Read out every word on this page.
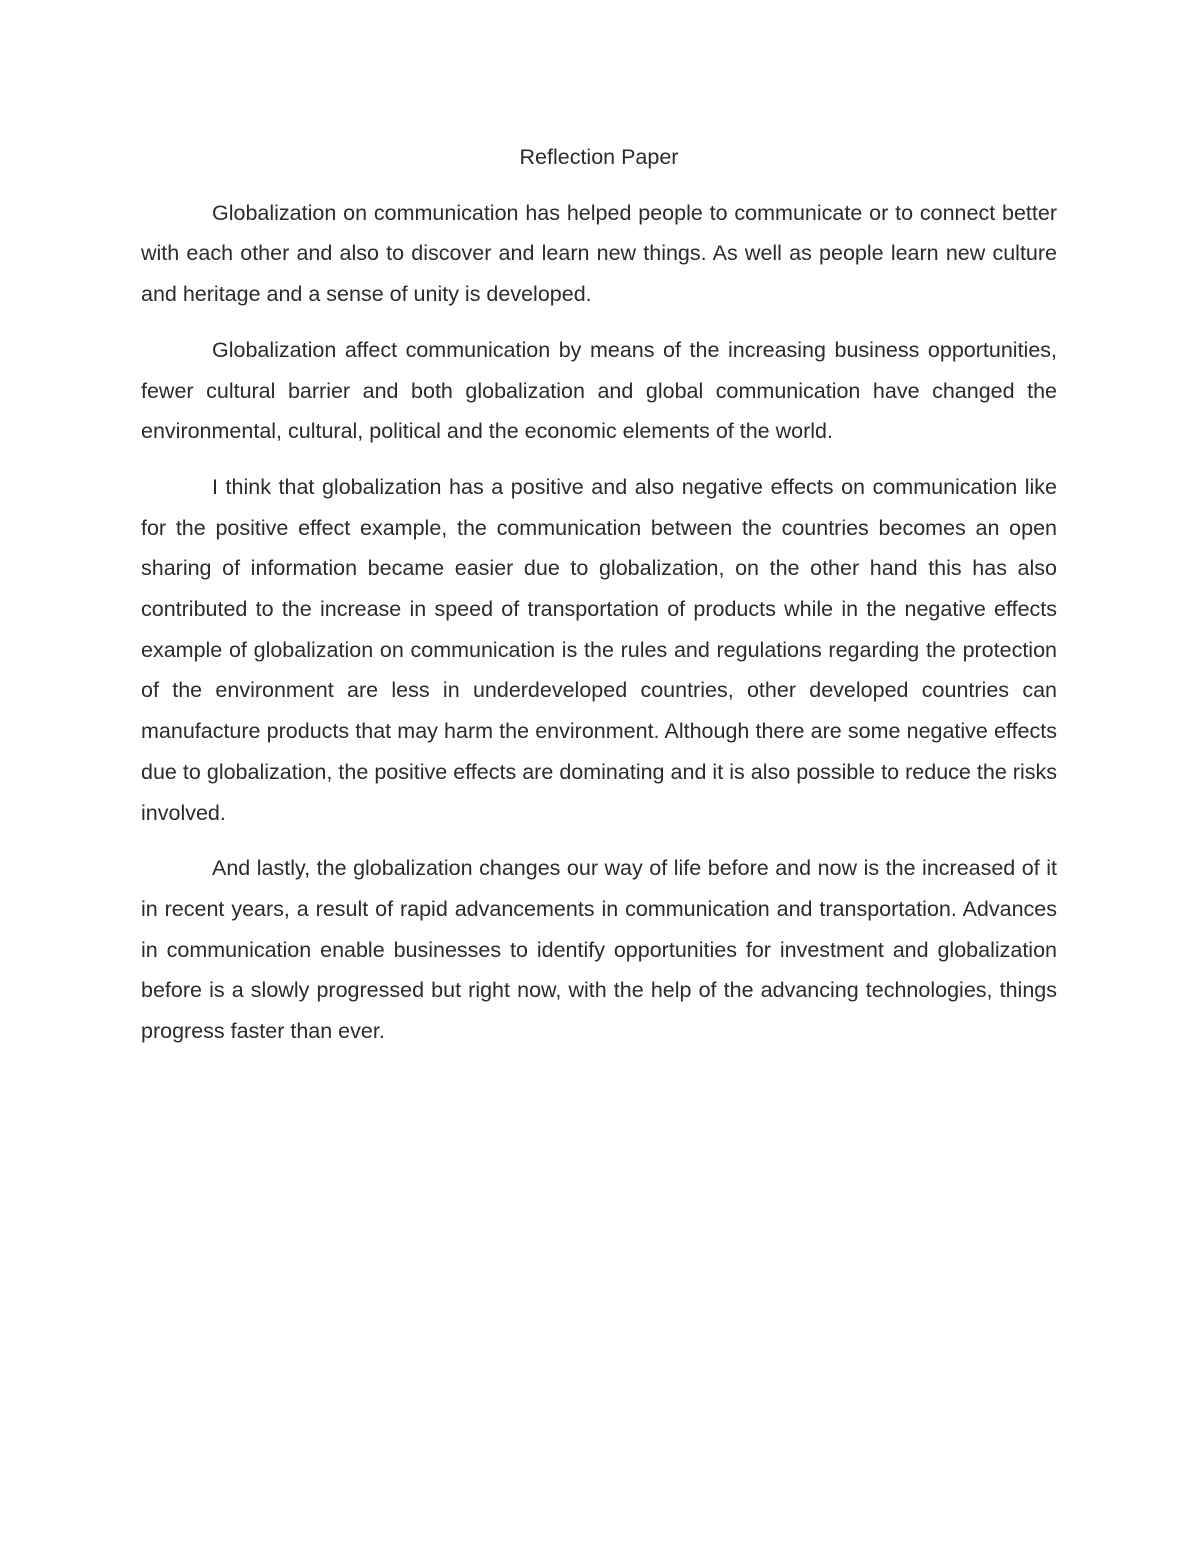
Reflection Paper

Globalization on communication has helped people to communicate or to connect better with each other and also to discover and learn new things. As well as people learn new culture and heritage and a sense of unity is developed.

Globalization affect communication by means of the increasing business opportunities, fewer cultural barrier and both globalization and global communication have changed the environmental, cultural, political and the economic elements of the world.

I think that globalization has a positive and also negative effects on communication like for the positive effect example, the communication between the countries becomes an open sharing of information became easier due to globalization, on the other hand this has also contributed to the increase in speed of transportation of products while in the negative effects example of globalization on communication is the rules and regulations regarding the protection of the environment are less in underdeveloped countries, other developed countries can manufacture products that may harm the environment. Although there are some negative effects due to globalization, the positive effects are dominating and it is also possible to reduce the risks involved.

And lastly, the globalization changes our way of life before and now is the increased of it in recent years, a result of rapid advancements in communication and transportation. Advances in communication enable businesses to identify opportunities for investment and globalization before is a slowly progressed but right now, with the help of the advancing technologies, things progress faster than ever.
